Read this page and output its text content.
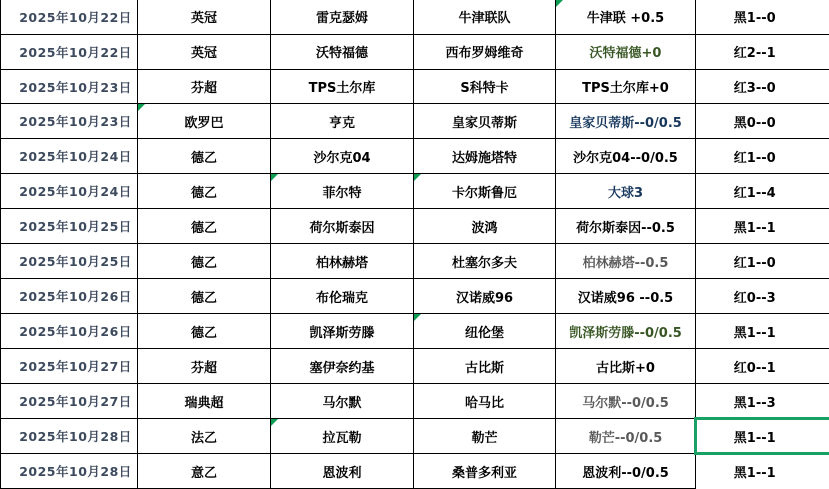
2025年10月22日	英冠	雷克瑟姆	牛津联队	牛津联 +0.5	黑1--0
2025年10月22日	英冠	沃特福德	西布罗姆维奇	沃特福德+0	红2--1
2025年10月23日	芬超	TPS土尔库	S科特卡	TPS土尔库+0	红3--0
2025年10月23日	欧罗巴	亨克	皇家贝蒂斯	皇家贝蒂斯--0/0.5	黑0--0
2025年10月24日	德乙	沙尔克04	达姆施塔特	沙尔克04--0/0.5	红1--0
2025年10月24日	德乙	菲尔特	卡尔斯鲁厄	大球3	红1--4
2025年10月25日	德乙	荷尔斯泰因	波鸿	荷尔斯泰因--0.5	黑1--1
2025年10月25日	德乙	柏林赫塔	杜塞尔多夫	柏林赫塔--0.5	红1--0
2025年10月26日	德乙	布伦瑞克	汉诺威96	汉诺威96 --0.5	红0--3
2025年10月26日	德乙	凯泽斯劳滕	纽伦堡	凯泽斯劳滕--0/0.5	黑1--1
2025年10月27日	芬超	塞伊奈约基	古比斯	古比斯+0	红0--1
2025年10月27日	瑞典超	马尔默	哈马比	马尔默--0/0.5	黑1--3
2025年10月28日	法乙	拉瓦勒	勒芒	勒芒--0/0.5	黑1--1

2025年10月28日	意乙	恩波利	桑普多利亚	恩波利--0/0.5	黑1--1
